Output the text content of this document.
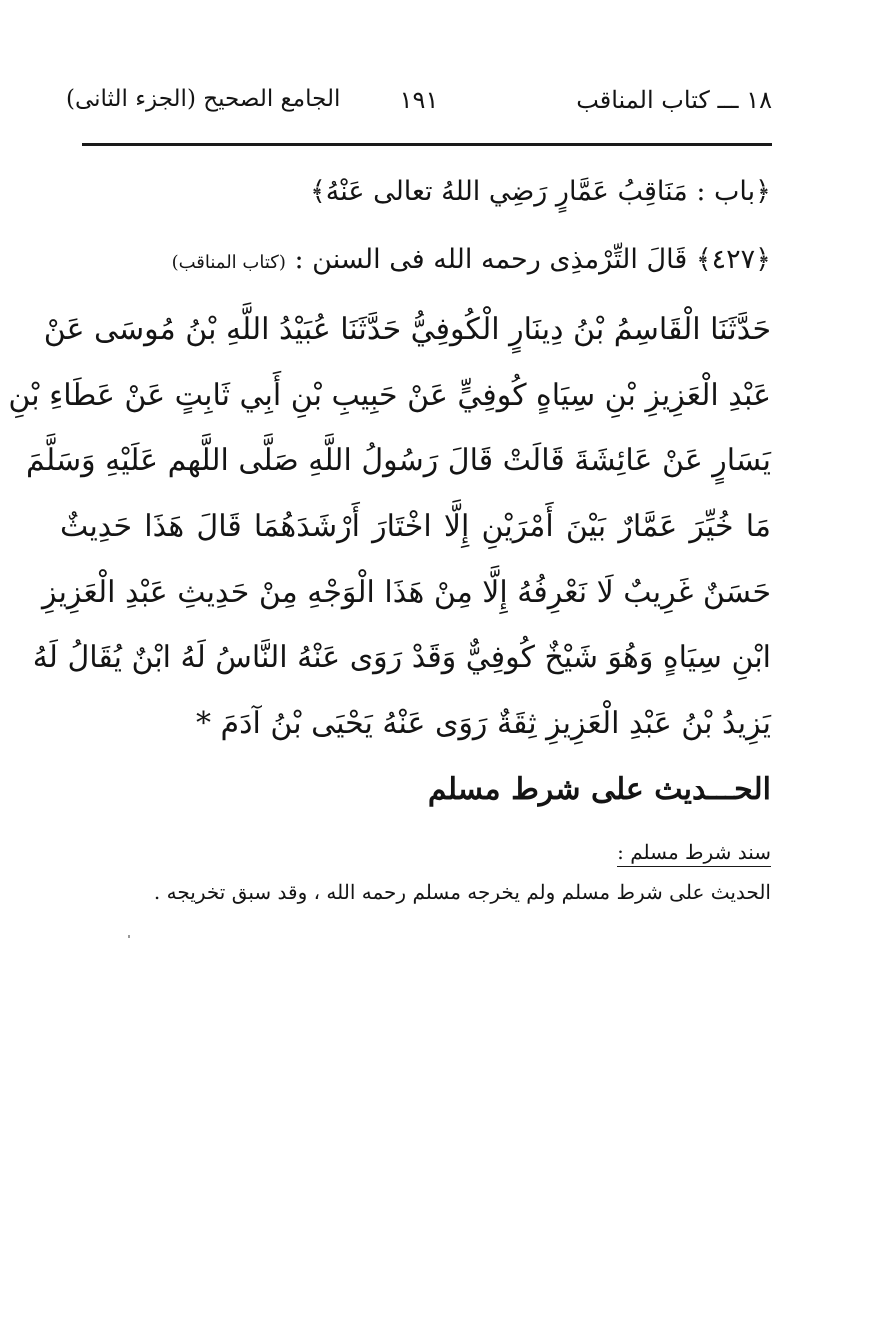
١٨ ـــ كتاب المناقب
١٩١
الجامع الصحيح (الجزء الثانى)
﴿باب : مَنَاقِبُ عَمَّارٍ رَضِي اللهُ تعالى عَنْهُ﴾
﴿٤٢٧﴾ قَالَ التِّرْمذِى رحمه الله فى السنن : (كتاب المناقب)
حَدَّثَنَا الْقَاسِمُ بْنُ دِينَارٍ الْكُوفِيُّ حَدَّثَنَا عُبَيْدُ اللَّهِ بْنُ مُوسَى عَنْ
عَبْدِ الْعَزِيزِ بْنِ سِيَاهٍ كُوفِيٍّ عَنْ حَبِيبِ بْنِ أَبِي ثَابِتٍ عَنْ عَطَاءِ بْنِ
يَسَارٍ عَنْ عَائِشَةَ قَالَتْ قَالَ رَسُولُ اللَّهِ صَلَّى اللَّهم عَلَيْهِ وَسَلَّمَ
مَا خُيِّرَ عَمَّارٌ بَيْنَ أَمْرَيْنِ إِلَّا اخْتَارَ أَرْشَدَهُمَا قَالَ هَذَا حَدِيثٌ
حَسَنٌ غَرِيبٌ لَا نَعْرِفُهُ إِلَّا مِنْ هَذَا الْوَجْهِ مِنْ حَدِيثِ عَبْدِ الْعَزِيزِ
ابْنِ سِيَاهٍ وَهُوَ شَيْخٌ كُوفِيٌّ وَقَدْ رَوَى عَنْهُ النَّاسُ لَهُ ابْنٌ يُقَالُ لَهُ
يَزِيدُ بْنُ عَبْدِ الْعَزِيزِ ثِقَةٌ رَوَى عَنْهُ يَحْيَى بْنُ آدَمَ *
الحـــديث على شرط مسلم
سند شرط مسلم :
الحديث على شرط مسلم ولم يخرجه مسلم رحمه الله ، وقد سبق تخريجه .
